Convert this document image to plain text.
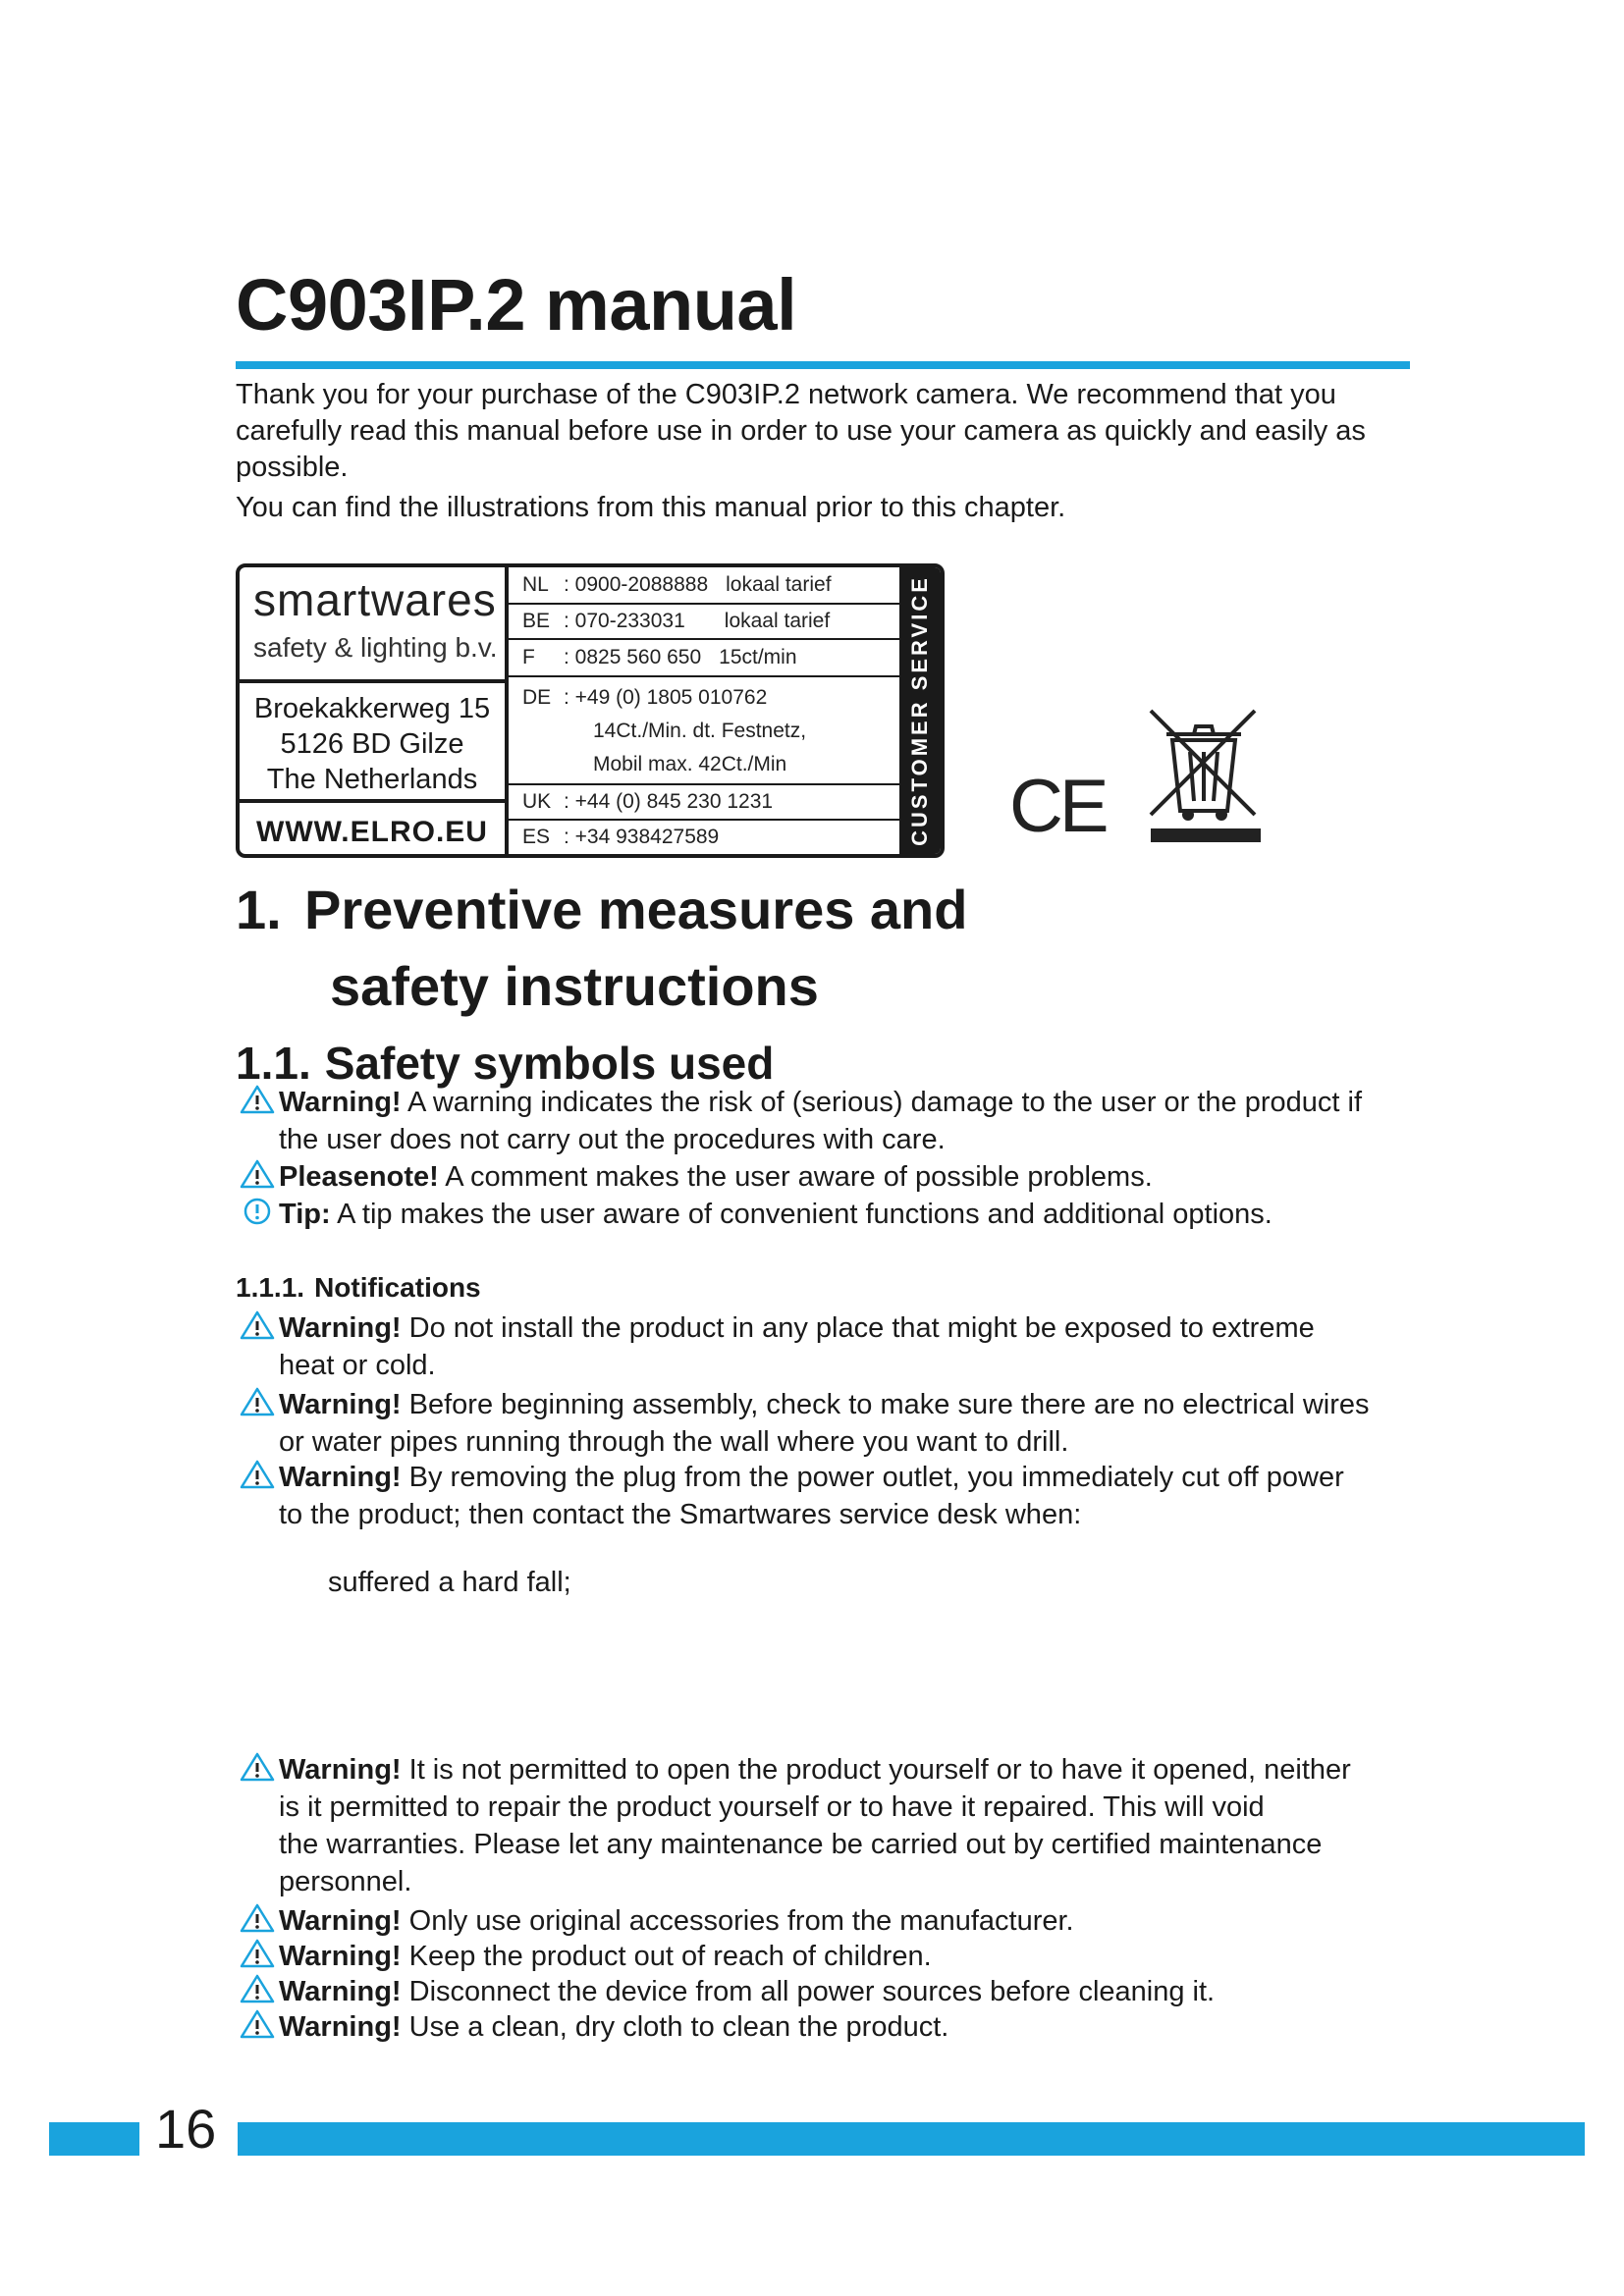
C903IP.2 manual

Thank you for your purchase of the C903IP.2 network camera. We recommend that you carefully read this manual before use in order to use your camera as quickly and easily as possible.

You can find the illustrations from this manual prior to this chapter.

smartwares
safety & lighting b.v.
Broekakkerweg 15
5126 BD Gilze
The Netherlands
WWW.ELRO.EU
NL : 0900-2088888 lokaal tarief
BE : 070-233031 lokaal tarief
F : 0825 560 650 15ct/min
DE : +49 (0) 1805 010762
14Ct./Min. dt. Festnetz,
Mobil max. 42Ct./Min
UK : +44 (0) 845 230 1231
ES : +34 938427589	CUSTOMER SERVICE CE
1. Preventive measures and
safety instructions
1.1. Safety symbols used
Warning! A warning indicates the risk of (serious) damage to the user or the product if
the user does not carry out the procedures with care.
Pleasenote! A comment makes the user aware of possible problems.
Tip: A tip makes the user aware of convenient functions and additional options.
1.1.1. Notifications
Warning! Do not install the product in any place that might be exposed to extreme
heat or cold.
Warning! Before beginning assembly, check to make sure there are no electrical wires
or water pipes running through the wall where you want to drill.
Warning! By removing the plug from the power outlet, you immediately cut off power
to the product; then contact the Smartwares service desk when:
suffered a hard fall;
Warning! It is not permitted to open the product yourself or to have it opened, neither
is it permitted to repair the product yourself or to have it repaired. This will void
the warranties. Please let any maintenance be carried out by certified maintenance
personnel.
Warning! Only use original accessories from the manufacturer.
Warning! Keep the product out of reach of children.
Warning! Disconnect the device from all power sources before cleaning it.
Warning! Use a clean, dry cloth to clean the product.
16
